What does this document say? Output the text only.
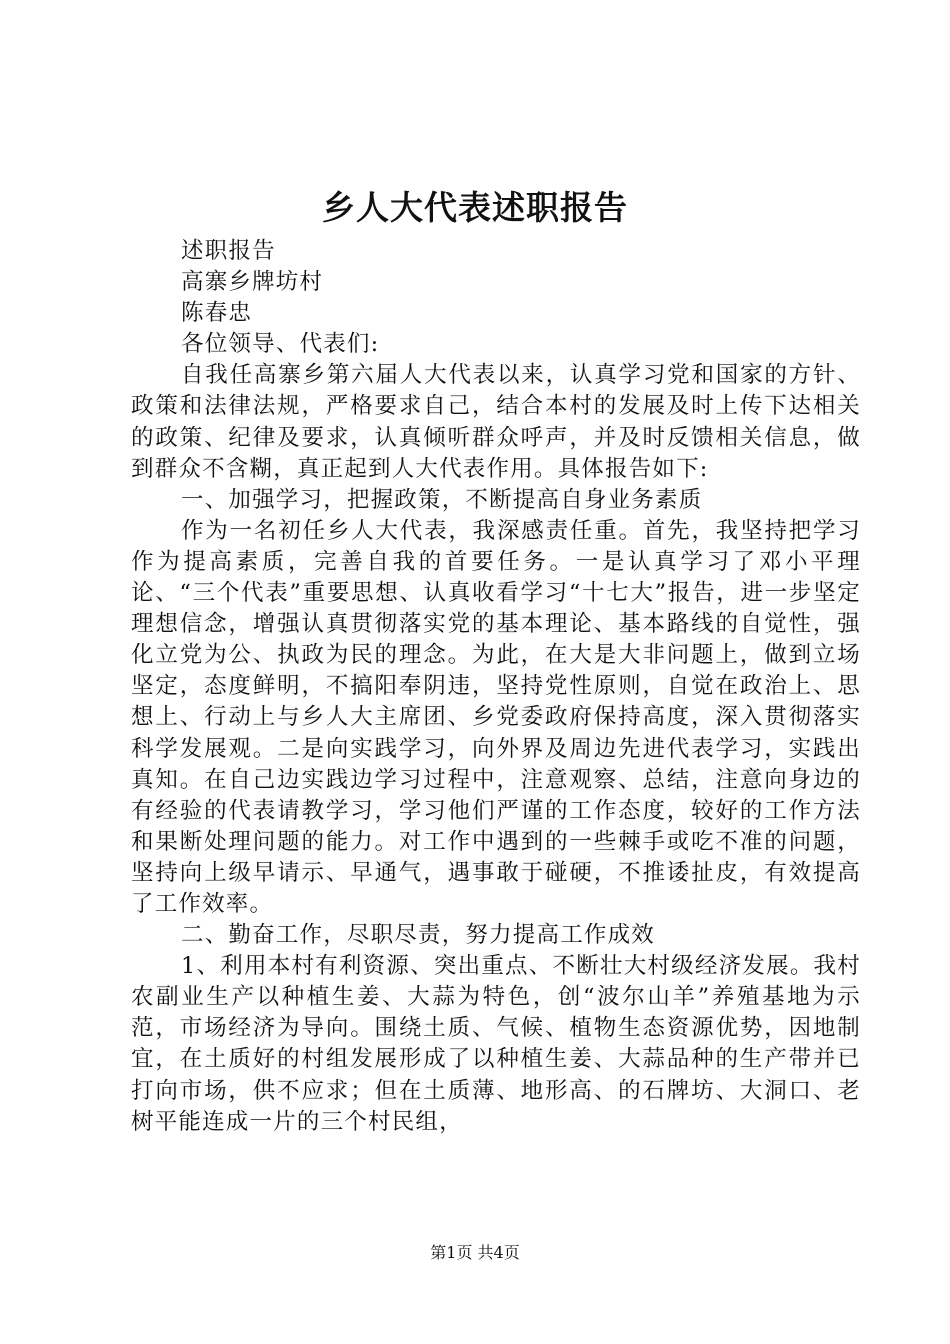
乡人大代表述职报告

述职报告

高寨乡牌坊村

陈春忠

各位领导、代表们:

自我任高寨乡第六届人大代表以来，认真学习党和国家的方针、政策和法律法规，严格要求自己，结合本村的发展及时上传下达相关的政策、纪律及要求，认真倾听群众呼声，并及时反馈相关信息，做到群众不含糊，真正起到人大代表作用。具体报告如下:

一、加强学习，把握政策，不断提高自身业务素质

作为一名初任乡人大代表，我深感责任重。首先，我坚持把学习作为提高素质，完善自我的首要任务。一是认真学习了邓小平理论、“三个代表”重要思想、认真收看学习“十七大”报告，进一步坚定理想信念，增强认真贯彻落实党的基本理论、基本路线的自觉性，强化立党为公、执政为民的理念。为此，在大是大非问题上，做到立场坚定，态度鲜明，不搞阳奉阴违，坚持党性原则，自觉在政治上、思想上、行动上与乡人大主席团、乡党委政府保持高度，深入贯彻落实科学发展观。二是向实践学习，向外界及周边先进代表学习，实践出真知。在自己边实践边学习过程中，注意观察、总结，注意向身边的有经验的代表请教学习，学习他们严谨的工作态度，较好的工作方法和果断处理问题的能力。对工作中遇到的一些棘手或吃不准的问题，坚持向上级早请示、早通气，遇事敢于碰硬，不推诿扯皮，有效提高了工作效率。

二、勤奋工作，尽职尽责，努力提高工作成效

1、利用本村有利资源、突出重点、不断壮大村级经济发展。我村农副业生产以种植生姜、大蒜为特色，创“波尔山羊”养殖基地为示范，市场经济为导向。围绕土质、气候、植物生态资源优势，因地制宜，在土质好的村组发展形成了以种植生姜、大蒜品种的生产带并已打向市场，供不应求；但在土质薄、地形高、的石牌坊、大洞口、老树平能连成一片的三个村民组，

第1页 共4页
